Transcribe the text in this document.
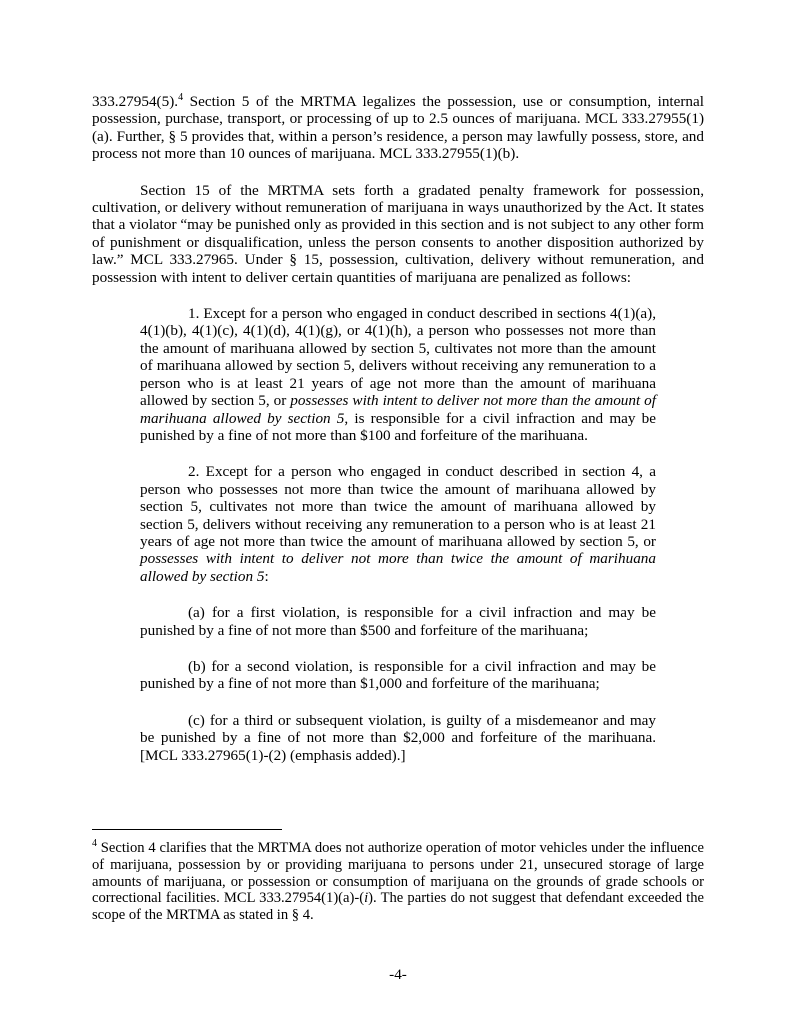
333.27954(5).$^4$ Section 5 of the MRTMA legalizes the possession, use or consumption, internal possession, purchase, transport, or processing of up to 2.5 ounces of marijuana. MCL 333.27955(1)(a). Further, § 5 provides that, within a person’s residence, a person may lawfully possess, store, and process not more than 10 ounces of marijuana. MCL 333.27955(1)(b).

Section 15 of the MRTMA sets forth a gradated penalty framework for possession, cultivation, or delivery without remuneration of marijuana in ways unauthorized by the Act. It states that a violator “may be punished only as provided in this section and is not subject to any other form of punishment or disqualification, unless the person consents to another disposition authorized by law.” MCL 333.27965. Under § 15, possession, cultivation, delivery without remuneration, and possession with intent to deliver certain quantities of marijuana are penalized as follows:

1. Except for a person who engaged in conduct described in sections 4(1)(a), 4(1)(b), 4(1)(c), 4(1)(d), 4(1)(g), or 4(1)(h), a person who possesses not more than the amount of marihuana allowed by section 5, cultivates not more than the amount of marihuana allowed by section 5, delivers without receiving any remuneration to a person who is at least 21 years of age not more than the amount of marihuana allowed by section 5, or possesses with intent to deliver not more than the amount of marihuana allowed by section 5, is responsible for a civil infraction and may be punished by a fine of not more than $100 and forfeiture of the marihuana.

2. Except for a person who engaged in conduct described in section 4, a person who possesses not more than twice the amount of marihuana allowed by section 5, cultivates not more than twice the amount of marihuana allowed by section 5, delivers without receiving any remuneration to a person who is at least 21 years of age not more than twice the amount of marihuana allowed by section 5, or possesses with intent to deliver not more than twice the amount of marihuana allowed by section 5:

(a) for a first violation, is responsible for a civil infraction and may be punished by a fine of not more than $500 and forfeiture of the marihuana;

(b) for a second violation, is responsible for a civil infraction and may be punished by a fine of not more than $1,000 and forfeiture of the marihuana;

(c) for a third or subsequent violation, is guilty of a misdemeanor and may be punished by a fine of not more than $2,000 and forfeiture of the marihuana. [MCL 333.27965(1)-(2) (emphasis added).]

$^4$ Section 4 clarifies that the MRTMA does not authorize operation of motor vehicles under the influence of marijuana, possession by or providing marijuana to persons under 21, unsecured storage of large amounts of marijuana, or possession or consumption of marijuana on the grounds of grade schools or correctional facilities. MCL 333.27954(1)(a)-(i). The parties do not suggest that defendant exceeded the scope of the MRTMA as stated in § 4.

-4-
